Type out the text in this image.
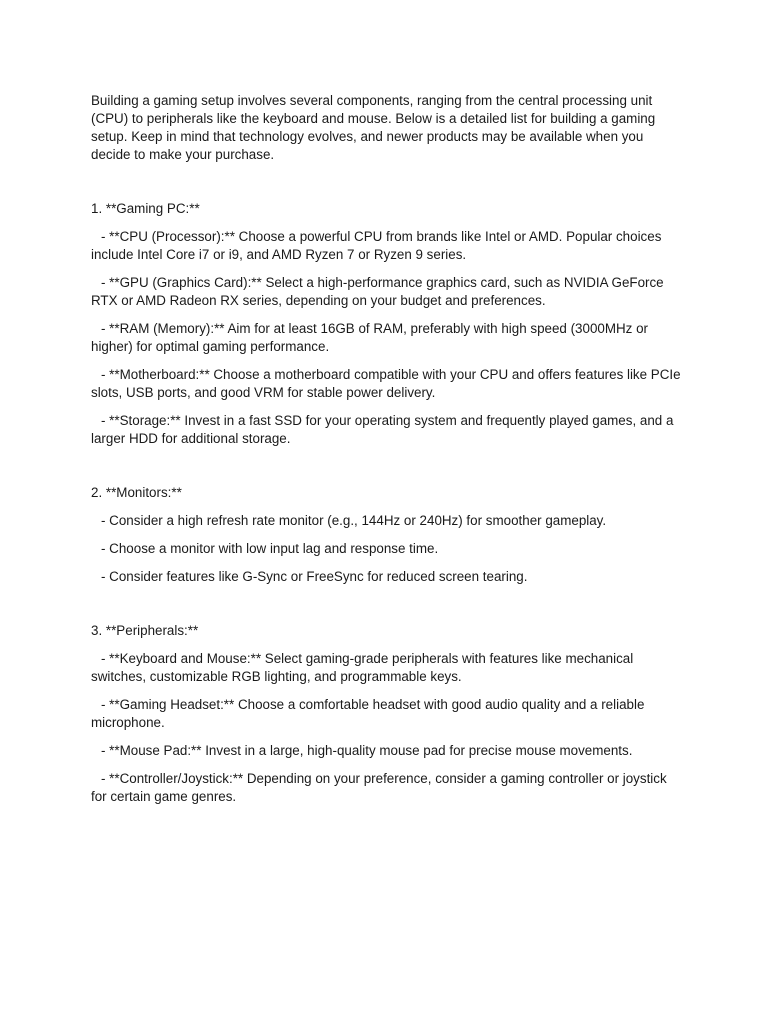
Building a gaming setup involves several components, ranging from the central processing unit (CPU) to peripherals like the keyboard and mouse. Below is a detailed list for building a gaming setup. Keep in mind that technology evolves, and newer products may be available when you decide to make your purchase.

1. **Gaming PC:**

- **CPU (Processor):** Choose a powerful CPU from brands like Intel or AMD. Popular choices include Intel Core i7 or i9, and AMD Ryzen 7 or Ryzen 9 series.

- **GPU (Graphics Card):** Select a high-performance graphics card, such as NVIDIA GeForce RTX or AMD Radeon RX series, depending on your budget and preferences.

- **RAM (Memory):** Aim for at least 16GB of RAM, preferably with high speed (3000MHz or higher) for optimal gaming performance.

- **Motherboard:** Choose a motherboard compatible with your CPU and offers features like PCIe slots, USB ports, and good VRM for stable power delivery.

- **Storage:** Invest in a fast SSD for your operating system and frequently played games, and a larger HDD for additional storage.

2. **Monitors:**

- Consider a high refresh rate monitor (e.g., 144Hz or 240Hz) for smoother gameplay.

- Choose a monitor with low input lag and response time.

- Consider features like G-Sync or FreeSync for reduced screen tearing.

3. **Peripherals:**

- **Keyboard and Mouse:** Select gaming-grade peripherals with features like mechanical switches, customizable RGB lighting, and programmable keys.

- **Gaming Headset:** Choose a comfortable headset with good audio quality and a reliable microphone.

- **Mouse Pad:** Invest in a large, high-quality mouse pad for precise mouse movements.

- **Controller/Joystick:** Depending on your preference, consider a gaming controller or joystick for certain game genres.
